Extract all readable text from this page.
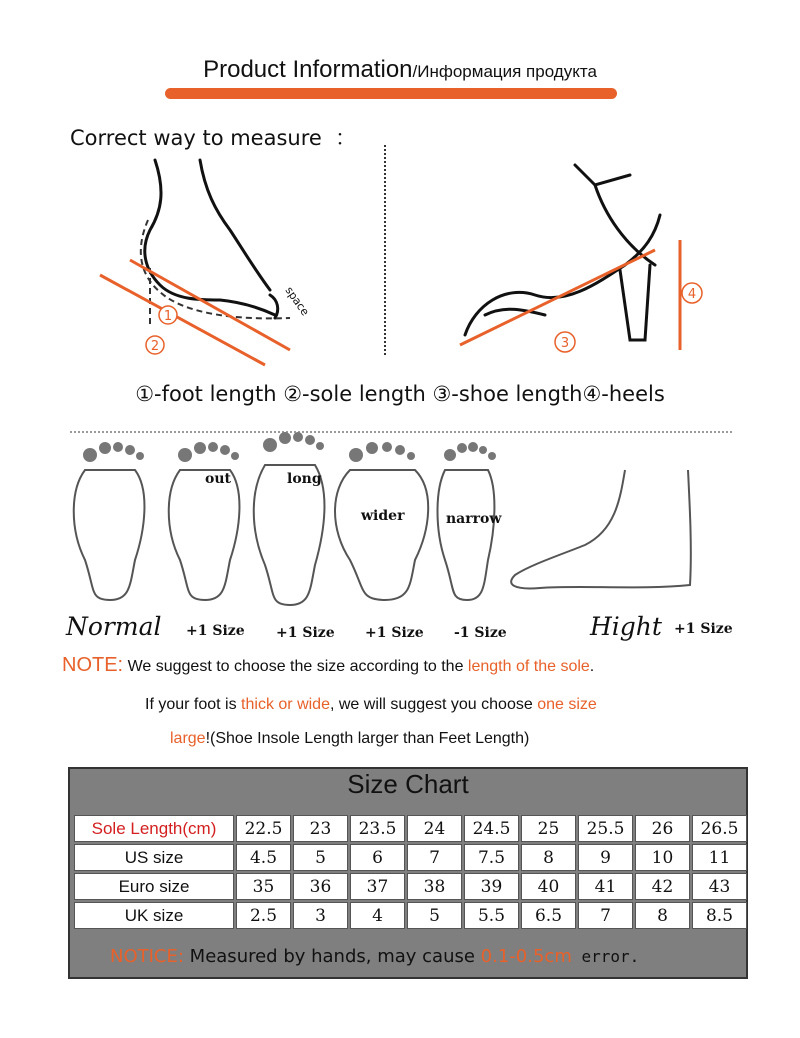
Product Information/Информация продукта
Correct way to measure  ：
1
2
space
3
4
①-foot length ②-sole length ③-shoe length④-heels
out	long
wider	narrow
Normal +1 Size +1 Size +1 Size -1 Size	Hight +1 Size
NOTE: We suggest to choose the size according to the length of the sole.
If your foot is thick or wide, we will suggest you choose one size
large!(Shoe Insole Length larger than Feet Length)
Size Chart
Sole Length(cm)	22.5	23	23.5	24	24.5	25	25.5	26	26.5
US size	4.5	5	6	7	7.5	8	9	10	11
Euro size	35	36	37	38	39	40	41	42	43
UK size	2.5	3	4	5	5.5	6.5	7	8	8.5
NOTICE: Measured by hands, may cause 0.1-0.5cm error.
